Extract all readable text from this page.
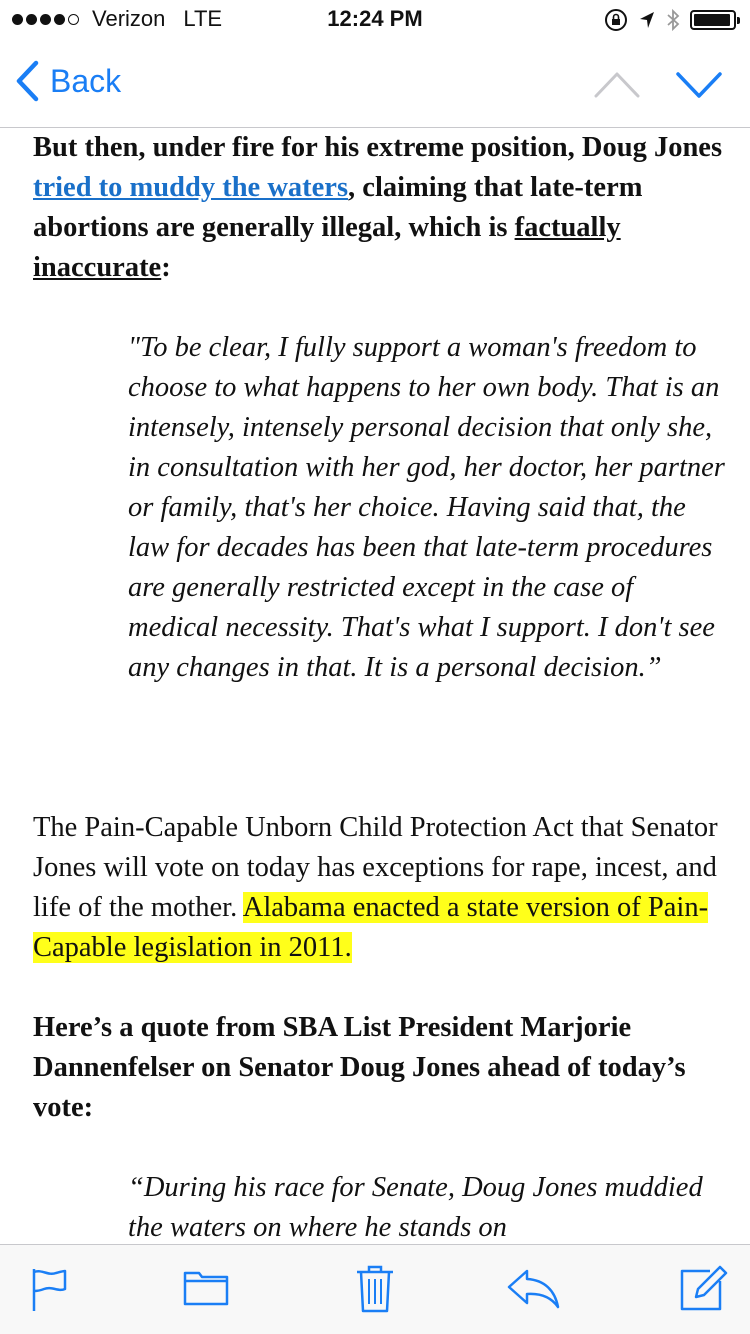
Verizon LTE	12:24 PM
Back
But then, under fire for his extreme position, Doug Jones tried to muddy the waters, claiming that late-term abortions are generally illegal, which is factually inaccurate:
"To be clear, I fully support a woman's freedom to choose to what happens to her own body. That is an intensely, intensely personal decision that only she, in consultation with her god, her doctor, her partner or family, that's her choice. Having said that, the law for decades has been that late-term procedures are generally restricted except in the case of medical necessity. That's what I support. I don't see any changes in that. It is a personal decision.”
The Pain-Capable Unborn Child Protection Act that Senator Jones will vote on today has exceptions for rape, incest, and life of the mother. Alabama enacted a state version of Pain-Capable legislation in 2011.
Here’s a quote from SBA List President Marjorie Dannenfelser on Senator Doug Jones ahead of today’s vote:
“During his race for Senate, Doug Jones muddied the waters on where he stands on
